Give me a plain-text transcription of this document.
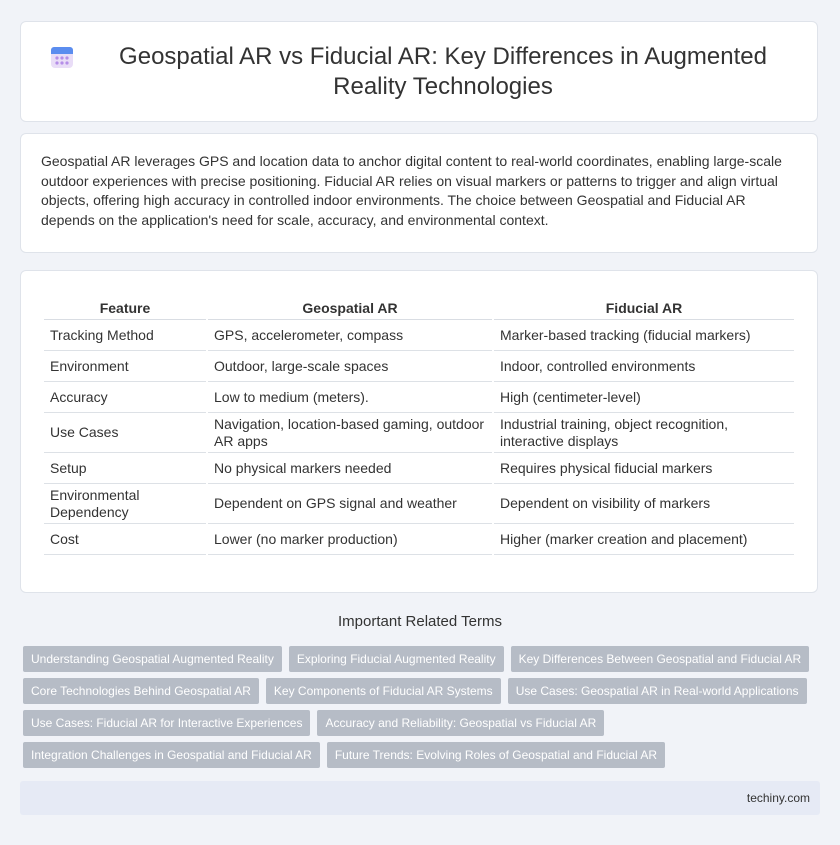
Geospatial AR vs Fiducial AR: Key Differences in Augmented Reality Technologies

Geospatial AR leverages GPS and location data to anchor digital content to real-world coordinates, enabling large-scale outdoor experiences with precise positioning. Fiducial AR relies on visual markers or patterns to trigger and align virtual objects, offering high accuracy in controlled indoor environments. The choice between Geospatial and Fiducial AR depends on the application's need for scale, accuracy, and environmental context.

Feature	Geospatial AR	Fiducial AR
Tracking Method	GPS, accelerometer, compass	Marker-based tracking (fiducial markers)
Environment	Outdoor, large-scale spaces	Indoor, controlled environments
Accuracy	Low to medium (meters).	High (centimeter-level)
Use Cases	Navigation, location-based gaming, outdoor AR apps	Industrial training, object recognition, interactive displays
Setup	No physical markers needed	Requires physical fiducial markers
Environmental Dependency	Dependent on GPS signal and weather	Dependent on visibility of markers
Cost	Lower (no marker production)	Higher (marker creation and placement)
Important Related Terms
Understanding Geospatial Augmented Reality	Exploring Fiducial Augmented Reality	Key Differences Between Geospatial and Fiducial AR
Core Technologies Behind Geospatial AR	Key Components of Fiducial AR Systems	Use Cases: Geospatial AR in Real-world Applications
Use Cases: Fiducial AR for Interactive Experiences	Accuracy and Reliability: Geospatial vs Fiducial AR
Integration Challenges in Geospatial and Fiducial AR	Future Trends: Evolving Roles of Geospatial and Fiducial AR
techiny.com
